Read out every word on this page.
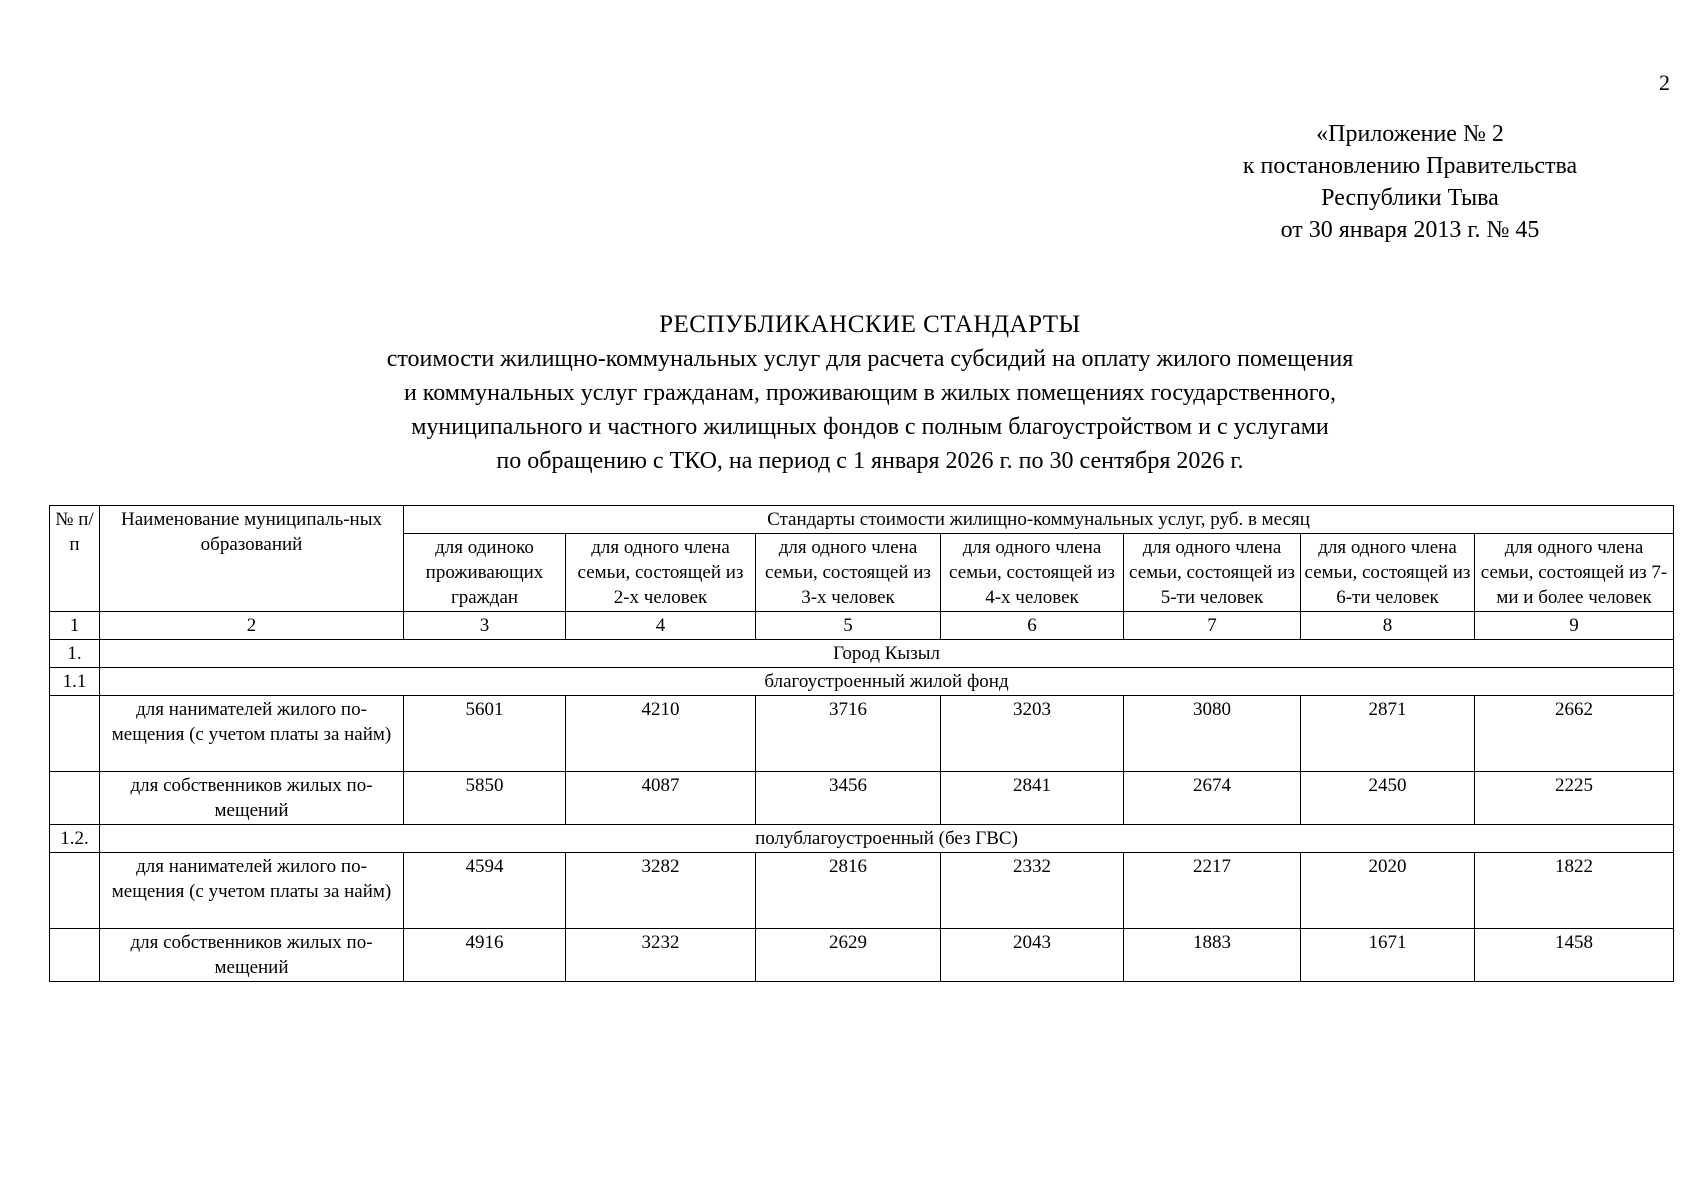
2
«Приложение № 2
к постановлению Правительства
Республики Тыва
от 30 января 2013 г. № 45
РЕСПУБЛИКАНСКИЕ СТАНДАРТЫ
стоимости жилищно-коммунальных услуг для расчета субсидий на оплату жилого помещения
и коммунальных услуг гражданам, проживающим в жилых помещениях государственного,
муниципального и частного жилищных фондов с полным благоустройством и с услугами
по обращению с ТКО, на период с 1 января 2026 г. по 30 сентября 2026 г.
№ п/п	Наименование муниципаль-ных образований	Стандарты стоимости жилищно-коммунальных услуг, руб. в месяц						
		для одиноко проживающих граждан	для одного члена семьи, состоящей из 2-х человек	для одного члена семьи, состоящей из 3-х человек	для одного члена семьи, состоящей из 4-х человек	для одного члена семьи, состоящей из 5-ти человек	для одного члена семьи, состоящей из 6-ти человек	для одного члена семьи, состоящей из 7-ми и более человек
1	2	3	4	5	6	7	8	9
1.	Город Кызыл							
1.1	благоустроенный жилой фонд							
	для нанимателей жилого по-мещения (с учетом платы за найм)	5601	4210	3716	3203	3080	2871	2662
	для собственников жилых по-мещений	5850	4087	3456	2841	2674	2450	2225
1.2.	полублагоустроенный (без ГВС)							
	для нанимателей жилого по-мещения (с учетом платы за найм)	4594	3282	2816	2332	2217	2020	1822
	для собственников жилых по-мещений	4916	3232	2629	2043	1883	1671	1458
